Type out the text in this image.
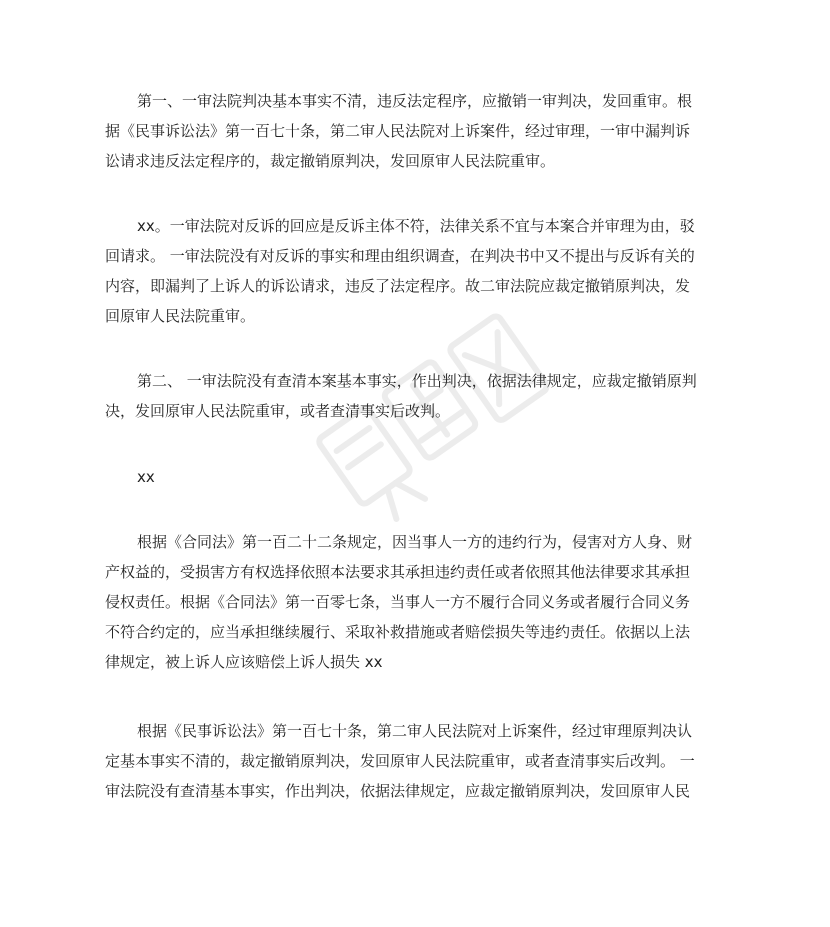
第一、一审法院判决基本事实不清，违反法定程序，应撤销一审判决，发回重审。根
据《民事诉讼法》第一百七十条，第二审人民法院对上诉案件，经过审理，一审中漏判诉
讼请求违反法定程序的，裁定撤销原判决，发回原审人民法院重审。
xx。一审法院对反诉的回应是反诉主体不符，法律关系不宜与本案合并审理为由，驳
回请求。 一审法院没有对反诉的事实和理由组织调查，在判决书中又不提出与反诉有关的
内容，即漏判了上诉人的诉讼请求，违反了法定程序。故二审法院应裁定撤销原判决，发
回原审人民法院重审。
第二、 一审法院没有查清本案基本事实，作出判决，依据法律规定，应裁定撤销原判
决，发回原审人民法院重审，或者查清事实后改判。
xx
根据《合同法》第一百二十二条规定，因当事人一方的违约行为，侵害对方人身、财
产权益的，受损害方有权选择依照本法要求其承担违约责任或者依照其他法律要求其承担
侵权责任。根据《合同法》第一百零七条，当事人一方不履行合同义务或者履行合同义务
不符合约定的，应当承担继续履行、采取补救措施或者赔偿损失等违约责任。依据以上法
律规定，被上诉人应该赔偿上诉人损失 xx
根据《民事诉讼法》第一百七十条，第二审人民法院对上诉案件，经过审理原判决认
定基本事实不清的，裁定撤销原判决，发回原审人民法院重审，或者查清事实后改判。 一
审法院没有查清基本事实，作出判决，依据法律规定，应裁定撤销原判决，发回原审人民
